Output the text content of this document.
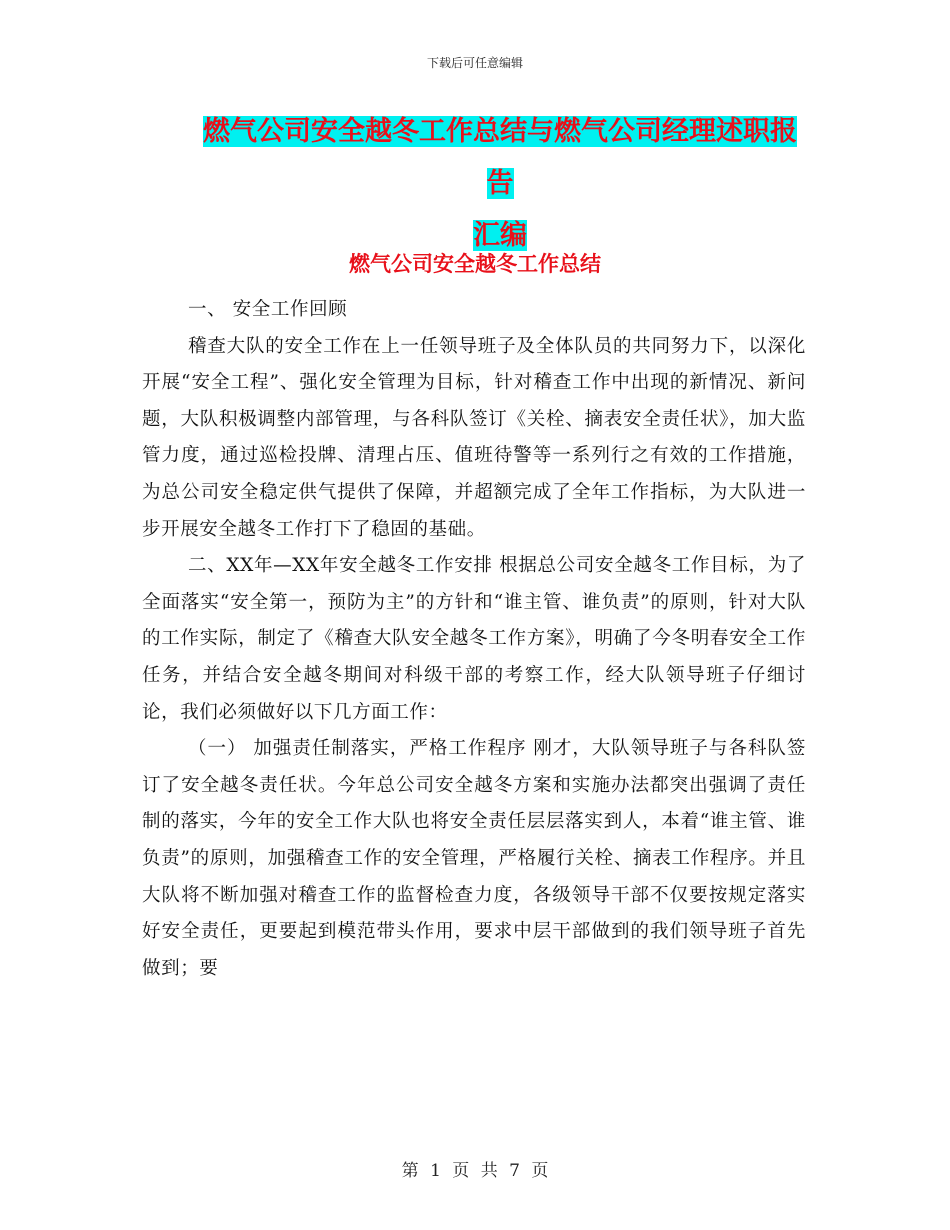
下载后可任意编辑
燃气公司安全越冬工作总结与燃气公司经理述职报告
汇编
燃气公司安全越冬工作总结

一、 安全工作回顾

稽查大队的安全工作在上一任领导班子及全体队员的共同努力下，以深化开展“安全工程”、强化安全管理为目标，针对稽查工作中出现的新情况、新问题，大队积极调整内部管理，与各科队签订《关栓、摘表安全责任状》，加大监管力度，通过巡检投牌、清理占压、值班待警等一系列行之有效的工作措施，为总公司安全稳定供气提供了保障，并超额完成了全年工作指标，为大队进一步开展安全越冬工作打下了稳固的基础。

二、XX年—XX年安全越冬工作安排 根据总公司安全越冬工作目标，为了全面落实“安全第一，预防为主”的方针和“谁主管、谁负责”的原则，针对大队的工作实际，制定了《稽查大队安全越冬工作方案》，明确了今冬明春安全工作任务，并结合安全越冬期间对科级干部的考察工作，经大队领导班子仔细讨论，我们必须做好以下几方面工作：

（一） 加强责任制落实，严格工作程序 刚才，大队领导班子与各科队签订了安全越冬责任状。今年总公司安全越冬方案和实施办法都突出强调了责任制的落实，今年的安全工作大队也将安全责任层层落实到人，本着“谁主管、谁负责”的原则，加强稽查工作的安全管理，严格履行关栓、摘表工作程序。并且大队将不断加强对稽查工作的监督检查力度，各级领导干部不仅要按规定落实好安全责任，更要起到模范带头作用，要求中层干部做到的我们领导班子首先做到；要

第 1 页 共 7 页
